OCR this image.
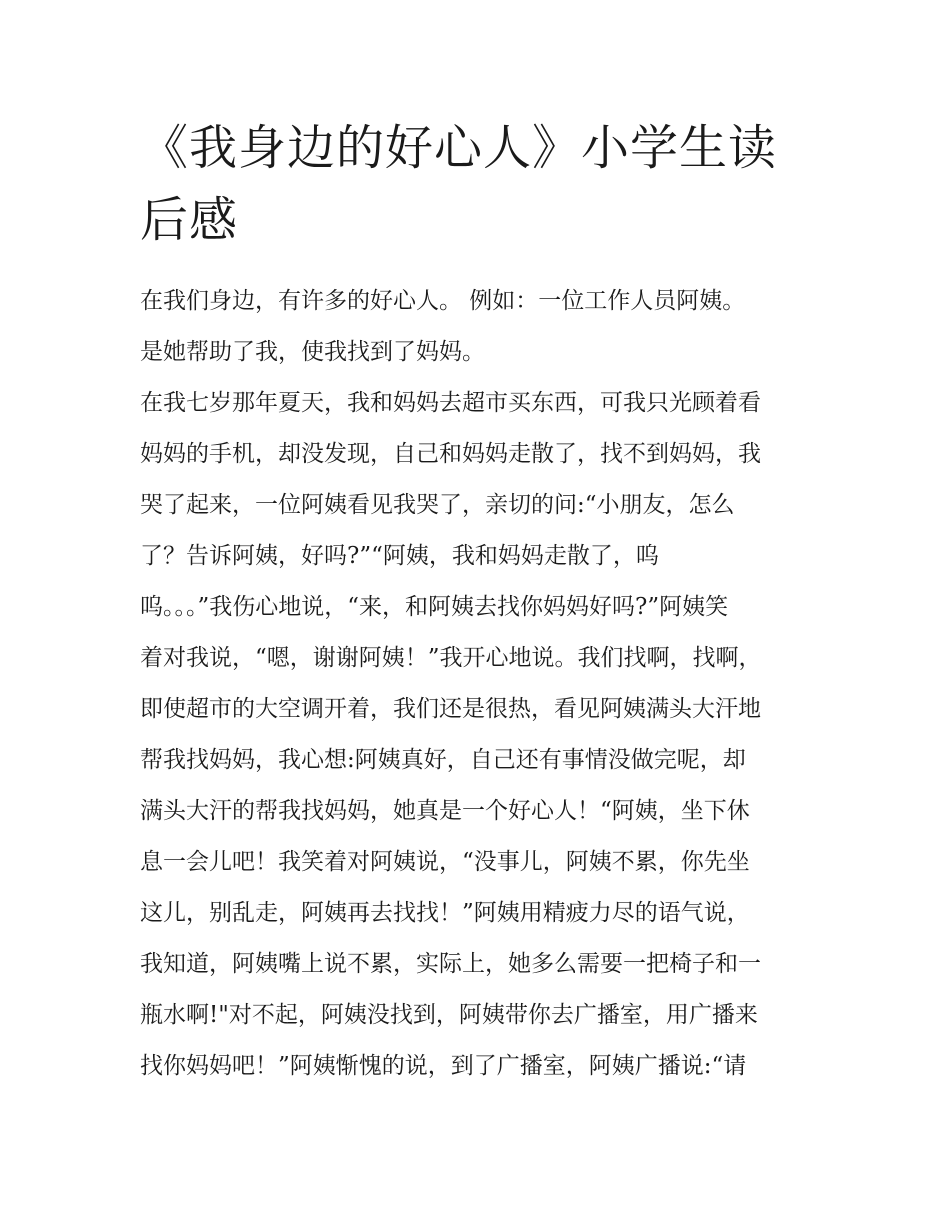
《我身边的好心人》小学生读
后感
在我们身边，有许多的好心人。 例如：一位工作人员阿姨。
是她帮助了我，使我找到了妈妈。
在我七岁那年夏天，我和妈妈去超市买东西，可我只光顾着看
妈妈的手机，却没发现，自己和妈妈走散了，找不到妈妈，我
哭了起来，一位阿姨看见我哭了，亲切的问:“小朋友，怎么
了？告诉阿姨，好吗?”“阿姨，我和妈妈走散了，呜
呜。。。”我伤心地说，“来，和阿姨去找你妈妈好吗?”阿姨笑
着对我说，“嗯，谢谢阿姨！”我开心地说。我们找啊，找啊，
即使超市的大空调开着，我们还是很热，看见阿姨满头大汗地
帮我找妈妈，我心想:阿姨真好，自己还有事情没做完呢，却
满头大汗的帮我找妈妈，她真是一个好心人！“阿姨，坐下休
息一会儿吧！我笑着对阿姨说，“没事儿，阿姨不累，你先坐
这儿，别乱走，阿姨再去找找！”阿姨用精疲力尽的语气说，
我知道，阿姨嘴上说不累，实际上，她多么需要一把椅子和一
瓶水啊!"对不起，阿姨没找到，阿姨带你去广播室，用广播来
找你妈妈吧！”阿姨惭愧的说，到了广播室，阿姨广播说:“请
